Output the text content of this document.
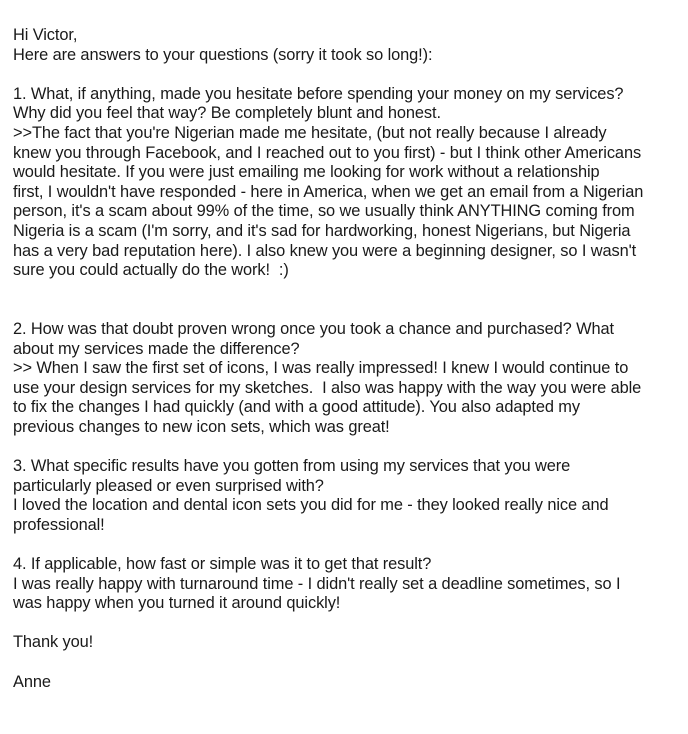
Hi Victor,
Here are answers to your questions (sorry it took so long!):
1. What, if anything, made you hesitate before spending your money on my services?
Why did you feel that way? Be completely blunt and honest.
>>The fact that you're Nigerian made me hesitate, (but not really because I already
knew you through Facebook, and I reached out to you first) - but I think other Americans
would hesitate. If you were just emailing me looking for work without a relationship
first, I wouldn't have responded - here in America, when we get an email from a Nigerian
person, it's a scam about 99% of the time, so we usually think ANYTHING coming from
Nigeria is a scam (I'm sorry, and it's sad for hardworking, honest Nigerians, but Nigeria
has a very bad reputation here). I also knew you were a beginning designer, so I wasn't
sure you could actually do the work!  :)
2. How was that doubt proven wrong once you took a chance and purchased? What
about my services made the difference?
>> When I saw the first set of icons, I was really impressed! I knew I would continue to
use your design services for my sketches.  I also was happy with the way you were able
to fix the changes I had quickly (and with a good attitude). You also adapted my
previous changes to new icon sets, which was great!
3. What specific results have you gotten from using my services that you were
particularly pleased or even surprised with?
I loved the location and dental icon sets you did for me - they looked really nice and
professional!
4. If applicable, how fast or simple was it to get that result?
I was really happy with turnaround time - I didn't really set a deadline sometimes, so I
was happy when you turned it around quickly!
Thank you!
Anne
